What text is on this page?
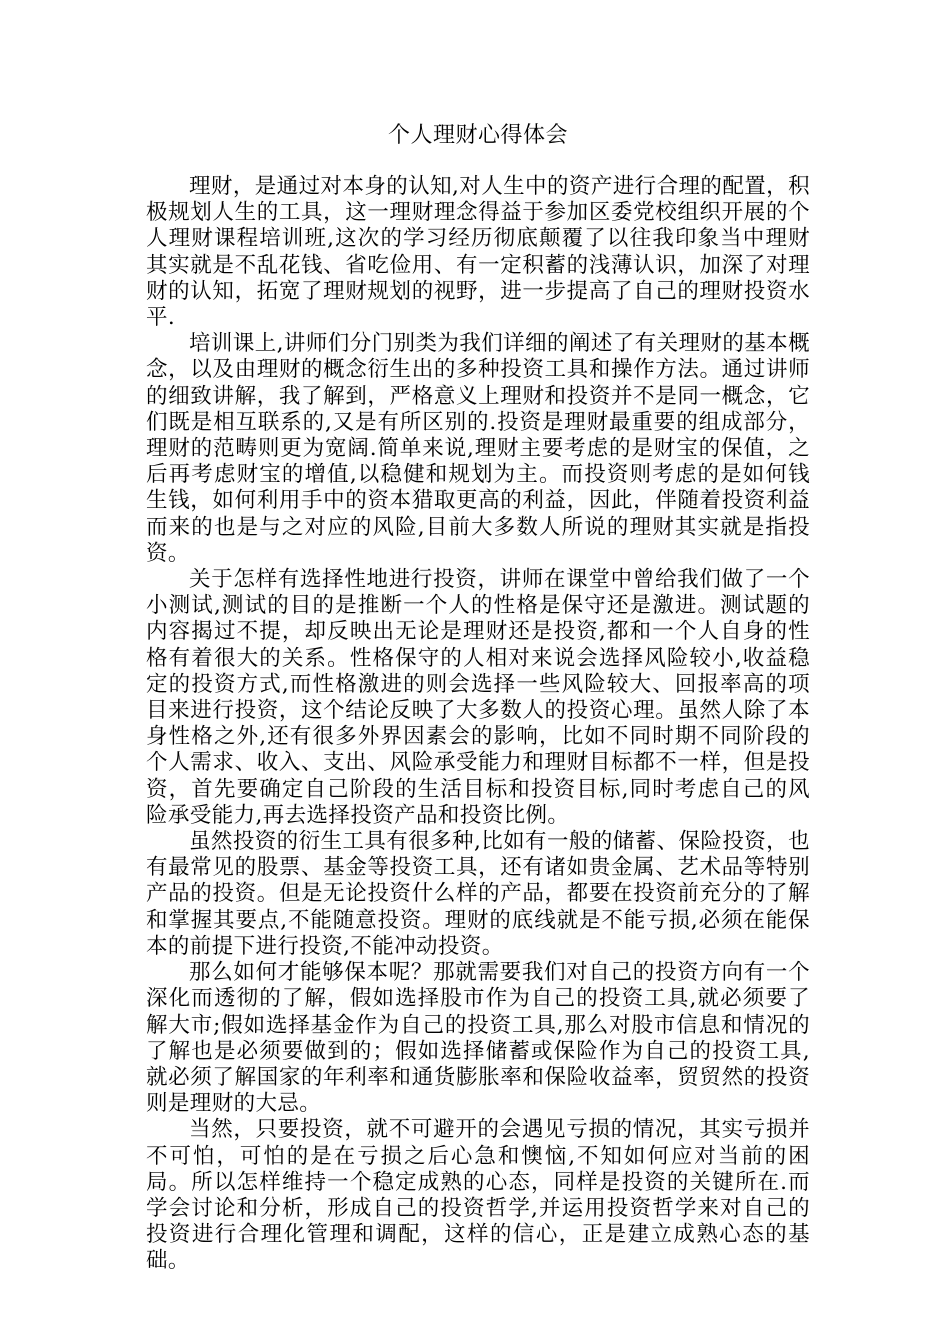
个人理财心得体会

理财，是通过对本身的认知,对人生中的资产进行合理的配置，积极规划人生的工具，这一理财理念得益于参加区委党校组织开展的个人理财课程培训班,这次的学习经历彻底颠覆了以往我印象当中理财其实就是不乱花钱、省吃俭用、有一定积蓄的浅薄认识，加深了对理财的认知，拓宽了理财规划的视野，进一步提高了自己的理财投资水平.

培训课上,讲师们分门别类为我们详细的阐述了有关理财的基本概念，以及由理财的概念衍生出的多种投资工具和操作方法。通过讲师的细致讲解，我了解到，严格意义上理财和投资并不是同一概念，它们既是相互联系的,又是有所区别的.投资是理财最重要的组成部分，理财的范畴则更为宽阔.简单来说,理财主要考虑的是财宝的保值，之后再考虑财宝的增值,以稳健和规划为主。而投资则考虑的是如何钱生钱，如何利用手中的资本猎取更高的利益，因此，伴随着投资利益而来的也是与之对应的风险,目前大多数人所说的理财其实就是指投资。

关于怎样有选择性地进行投资，讲师在课堂中曾给我们做了一个小测试,测试的目的是推断一个人的性格是保守还是激进。测试题的内容揭过不提，却反映出无论是理财还是投资,都和一个人自身的性格有着很大的关系。性格保守的人相对来说会选择风险较小,收益稳定的投资方式,而性格激进的则会选择一些风险较大、回报率高的项目来进行投资，这个结论反映了大多数人的投资心理。虽然人除了本身性格之外,还有很多外界因素会的影响，比如不同时期不同阶段的个人需求、收入、支出、风险承受能力和理财目标都不一样，但是投资，首先要确定自己阶段的生活目标和投资目标,同时考虑自己的风险承受能力,再去选择投资产品和投资比例。

虽然投资的衍生工具有很多种,比如有一般的储蓄、保险投资，也有最常见的股票、基金等投资工具，还有诸如贵金属、艺术品等特别产品的投资。但是无论投资什么样的产品，都要在投资前充分的了解和掌握其要点,不能随意投资。理财的底线就是不能亏损,必须在能保本的前提下进行投资,不能冲动投资。

那么如何才能够保本呢？那就需要我们对自己的投资方向有一个深化而透彻的了解，假如选择股市作为自己的投资工具,就必须要了解大市;假如选择基金作为自己的投资工具,那么对股市信息和情况的了解也是必须要做到的；假如选择储蓄或保险作为自己的投资工具,就必须了解国家的年利率和通货膨胀率和保险收益率，贸贸然的投资则是理财的大忌。

当然，只要投资，就不可避开的会遇见亏损的情况，其实亏损并不可怕，可怕的是在亏损之后心急和懊恼,不知如何应对当前的困局。所以怎样维持一个稳定成熟的心态，同样是投资的关键所在.而学会讨论和分析，形成自己的投资哲学,并运用投资哲学来对自己的投资进行合理化管理和调配，这样的信心，正是建立成熟心态的基础。
